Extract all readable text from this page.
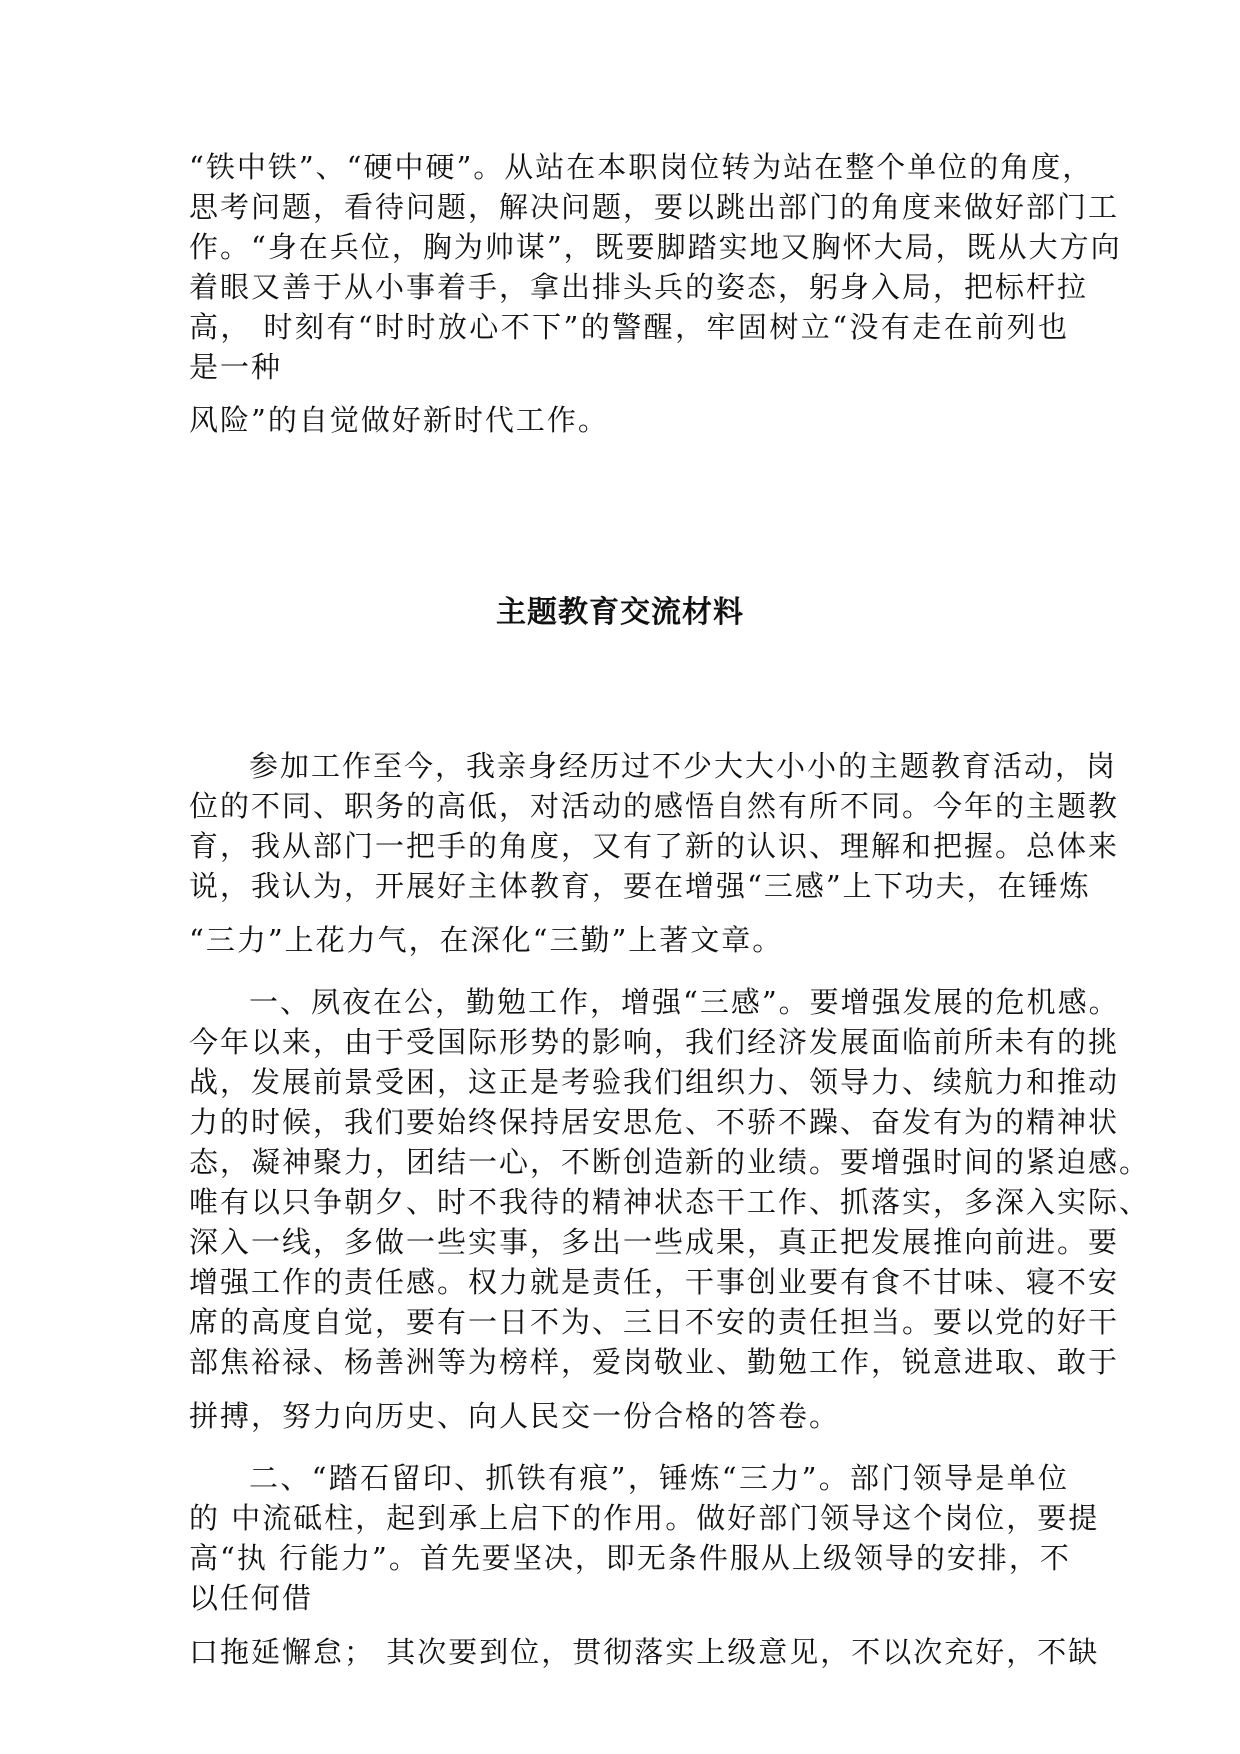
“铁中铁”、“硬中硬”。从站在本职岗位转为站在整个单位的角度，
思考问题，看待问题，解决问题，要以跳出部门的角度来做好部门工
作。“身在兵位，胸为帅谋”，既要脚踏实地又胸怀大局，既从大方向
着眼又善于从小事着手，拿出排头兵的姿态，躬身入局，把标杆拉
高， 时刻有“时时放心不下”的警醒，牢固树立“没有走在前列也
是一种
风险”的自觉做好新时代工作。
主题教育交流材料
参加工作至今，我亲身经历过不少大大小小的主题教育活动，岗
位的不同、职务的高低，对活动的感悟自然有所不同。今年的主题教
育，我从部门一把手的角度，又有了新的认识、理解和把握。总体来
说，我认为，开展好主体教育，要在增强“三感”上下功夫，在锤炼
“三力”上花力气，在深化“三勤”上著文章。
一、夙夜在公，勤勉工作，增强“三感”。要增强发展的危机感。
今年以来，由于受国际形势的影响，我们经济发展面临前所未有的挑
战，发展前景受困，这正是考验我们组织力、领导力、续航力和推动
力的时候，我们要始终保持居安思危、不骄不躁、奋发有为的精神状
态，凝神聚力，团结一心，不断创造新的业绩。要增强时间的紧迫感。
唯有以只争朝夕、时不我待的精神状态干工作、抓落实，多深入实际、
深入一线，多做一些实事，多出一些成果，真正把发展推向前进。要
增强工作的责任感。权力就是责任，干事创业要有食不甘味、寝不安
席的高度自觉，要有一日不为、三日不安的责任担当。要以党的好干
部焦裕禄、杨善洲等为榜样，爱岗敬业、勤勉工作，锐意进取、敢于
拼搏，努力向历史、向人民交一份合格的答卷。
二、“踏石留印、抓铁有痕”，锤炼“三力”。部门领导是单位
的 中流砥柱，起到承上启下的作用。做好部门领导这个岗位，要提
高“执 行能力”。首先要坚决，即无条件服从上级领导的安排，不
以任何借
口拖延懈怠； 其次要到位，贯彻落实上级意见，不以次充好，不缺
